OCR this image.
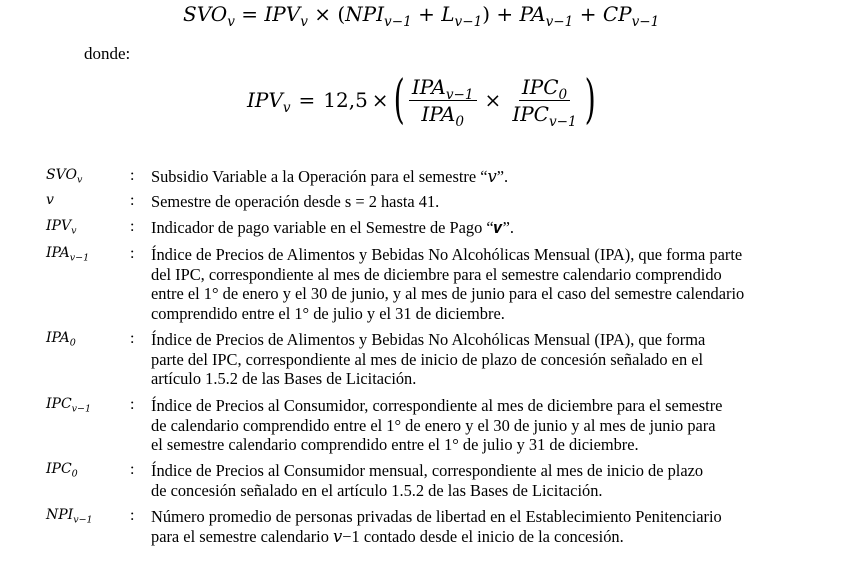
$SVO_v = IPV_v \times (NPI_{v-1} + L_{v-1}) + PA_{v-1} + CP_{v-1}$
donde:
$IPV_v = 12,5$ × ( $\frac{IPA_{v-1}}{IPA_0} \times \frac{IPC_0}{IPC_{v-1}}$ )
$SVO_v$	: Subsidio Variable a la Operación para el semestre “𝑣”.
v	: Semestre de operación desde s = 2 hasta 41.
$IPV_v$	: Indicador de pago variable en el Semestre de Pago “𝒗”.
$IPA_{v-1}$	: Índice de Precios de Alimentos y Bebidas No Alcohólicas Mensual (IPA), que forma parte
del IPC, correspondiente al mes de diciembre para el semestre calendario comprendido
entre el 1° de enero y el 30 de junio, y al mes de junio para el caso del semestre calendario
comprendido entre el 1° de julio y el 31 de diciembre.
$IPA_0$	: Índice de Precios de Alimentos y Bebidas No Alcohólicas Mensual (IPA), que forma
parte del IPC, correspondiente al mes de inicio de plazo de concesión señalado en el
artículo 1.5.2 de las Bases de Licitación.
$IPC_{v-1}$ : Índice de Precios al Consumidor, correspondiente al mes de diciembre para el semestre
de calendario comprendido entre el 1° de enero y el 30 de junio y al mes de junio para
el semestre calendario comprendido entre el 1° de julio y 31 de diciembre.
$IPC_0$	: Índice de Precios al Consumidor mensual, correspondiente al mes de inicio de plazo
de concesión señalado en el artículo 1.5.2 de las Bases de Licitación.
$NPI_{v-1}$ : Número promedio de personas privadas de libertad en el Establecimiento Penitenciario
para el semestre calendario 𝑣−1 contado desde el inicio de la concesión.
